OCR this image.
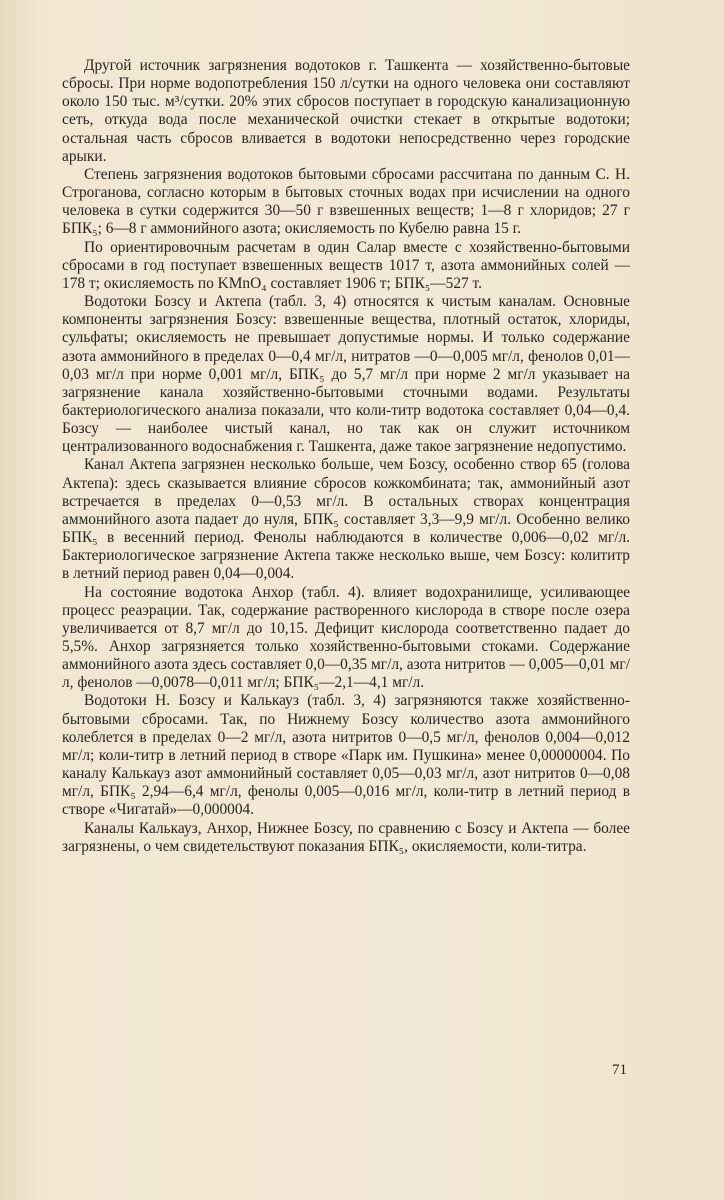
Другой источник загрязнения водотоков г. Ташкента — хозяйственно-бытовые сбросы. При норме водопотребления 150 л/сутки на одного человека они составляют около 150 тыс. м³/сутки. 20% этих сбросов поступает в городскую канализационную сеть, откуда вода после механической очистки стекает в открытые водотоки; остальная часть сбросов вливается в водотоки непосредственно через городские арыки.

Степень загрязнения водотоков бытовыми сбросами рассчитана по данным С. Н. Строганова, согласно которым в бытовых сточных водах при исчислении на одного человека в сутки содержится 30—50 г взвешенных веществ; 1—8 г хлоридов; 27 г БПК₅; 6—8 г аммонийного азота; окисляемость по Кубелю равна 15 г.

По ориентировочным расчетам в один Салар вместе с хозяйственно-бытовыми сбросами в год поступает взвешенных веществ 1017 т, азота аммонийных солей — 178 т; окисляемость по KMnO₄ составляет 1906 т; БПК₅—527 т.

Водотоки Бозсу и Актепа (табл. 3, 4) относятся к чистым каналам. Основные компоненты загрязнения Бозсу: взвешенные вещества, плотный остаток, хлориды, сульфаты; окисляемость не превышает допустимые нормы. И только содержание азота аммонийного в пределах 0—0,4 мг/л, нитратов —0—0,005 мг/л, фенолов 0,01—0,03 мг/л при норме 0,001 мг/л, БПК₅ до 5,7 мг/л при норме 2 мг/л указывает на загрязнение канала хозяйственно-бытовыми сточными водами. Результаты бактериологического анализа показали, что коли-титр водотока составляет 0,04—0,4. Бозсу — наиболее чистый канал, но так как он служит источником централизованного водоснабжения г. Ташкента, даже такое загрязнение недопустимо.

Канал Актепа загрязнен несколько больше, чем Бозсу, особенно створ 65 (голова Актепа): здесь сказывается влияние сбросов кожкомбината; так, аммонийный азот встречается в пределах 0—0,53 мг/л. В остальных створах концентрация аммонийного азота падает до нуля, БПК₅ составляет 3,3—9,9 мг/л. Особенно велико БПК₅ в весенний период. Фенолы наблюдаются в количестве 0,006—0,02 мг/л. Бактериологическое загрязнение Актепа также несколько выше, чем Бозсу: колититр в летний период равен 0,04—0,004.

На состояние водотока Анхор (табл. 4). влияет водохранилище, усиливающее процесс реаэрации. Так, содержание растворенного кислорода в створе после озера увеличивается от 8,7 мг/л до 10,15. Дефицит кислорода соответственно падает до 5,5%. Анхор загрязняется только хозяйственно-бытовыми стоками. Содержание аммонийного азота здесь составляет 0,0—0,35 мг/л, азота нитритов — 0,005—0,01 мг/л, фенолов —0,0078—0,011 мг/л; БПК₅—2,1—4,1 мг/л.

Водотоки Н. Бозсу и Калькауз (табл. 3, 4) загрязняются также хозяйственно-бытовыми сбросами. Так, по Нижнему Бозсу количество азота аммонийного колеблется в пределах 0—2 мг/л, азота нитритов 0—0,5 мг/л, фенолов 0,004—0,012 мг/л; коли-титр в летний период в створе «Парк им. Пушкина» менее 0,00000004. По каналу Калькауз азот аммонийный составляет 0,05—0,03 мг/л, азот нитритов 0—0,08 мг/л, БПК₅ 2,94—6,4 мг/л, фенолы 0,005—0,016 мг/л, коли-титр в летний период в створе «Чигатай»—0,000004.

Каналы Калькауз, Анхор, Нижнее Бозсу, по сравнению с Бозсу и Актепа — более загрязнены, о чем свидетельствуют показания БПК₅, окисляемости, коли-титра.

71
